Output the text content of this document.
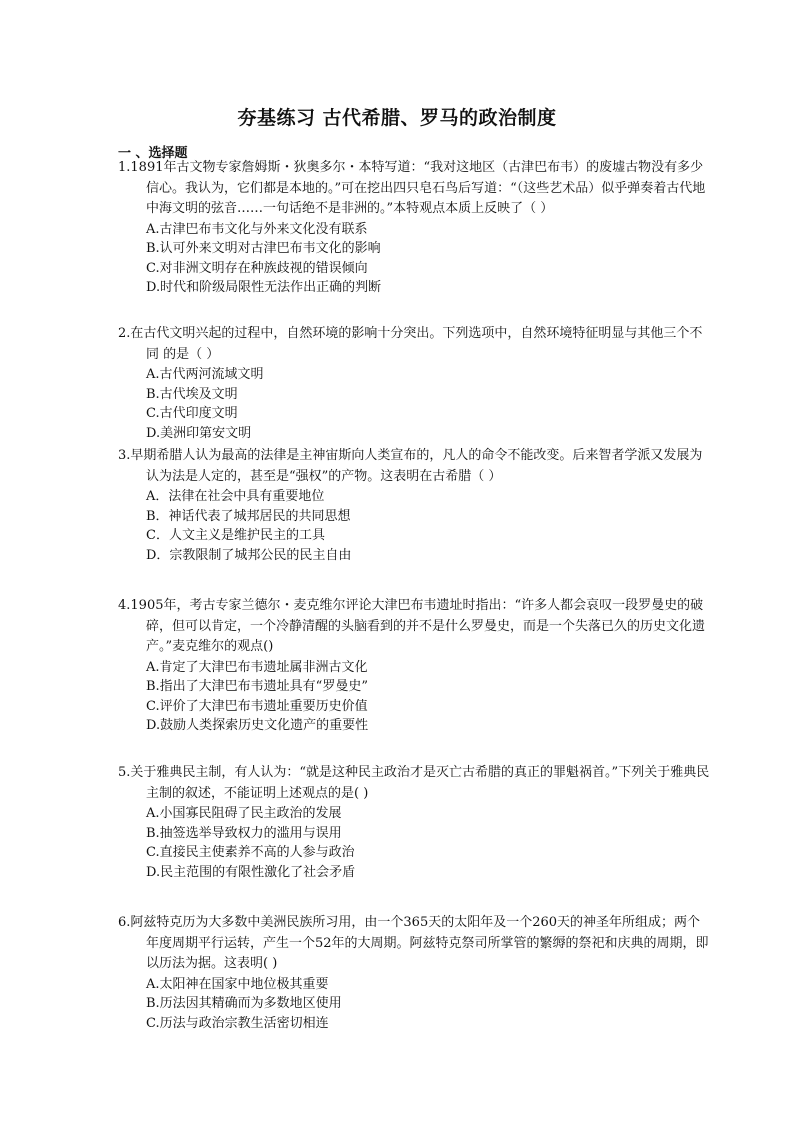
夯基练习 古代希腊、罗马的政治制度
一 、选择题
1.1891年古文物专家詹姆斯・狄奥多尔・本特写道：“我对这地区（古津巴布韦）的废墟古物没有多少信心。我认为，它们都是本地的。”可在挖出四只皂石鸟后写道：“（这些艺术品）似乎弹奏着古代地中海文明的弦音……一句话绝不是非洲的。”本特观点本质上反映了（ ）
A.古津巴布韦文化与外来文化没有联系
B.认可外来文明对古津巴布韦文化的影响
C.对非洲文明存在种族歧视的错误倾向
D.时代和阶级局限性无法作出正确的判断
2.在古代文明兴起的过程中，自然环境的影响十分突出。下列选项中，自然环境特征明显与其他三个不同 的是（ ）
A.古代两河流域文明
B.古代埃及文明
C.古代印度文明
D.美洲印第安文明
3.早期希腊人认为最高的法律是主神宙斯向人类宣布的，凡人的命令不能改变。后来智者学派又发展为认为法是人定的，甚至是“强权”的产物。这表明在古希腊（ ）
A．法律在社会中具有重要地位
B．神话代表了城邦居民的共同思想
C．人文主义是维护民主的工具
D．宗教限制了城邦公民的民主自由
4.1905年，考古专家兰德尔・麦克维尔评论大津巴布韦遗址时指出：“许多人都会哀叹一段罗曼史的破碎，但可以肯定，一个冷静清醒的头脑看到的并不是什么罗曼史，而是一个失落已久的历史文化遗产。”麦克维尔的观点()
A.肯定了大津巴布韦遗址属非洲古文化
B.指出了大津巴布韦遗址具有“罗曼史”
C.评价了大津巴布韦遗址重要历史价值
D.鼓励人类探索历史文化遗产的重要性
5.关于雅典民主制，有人认为：“就是这种民主政治才是灭亡古希腊的真正的罪魁祸首。”下列关于雅典民主制的叙述，不能证明上述观点的是( )
A.小国寡民阻碍了民主政治的发展
B.抽签选举导致权力的滥用与误用
C.直接民主使素养不高的人参与政治
D.民主范围的有限性激化了社会矛盾
6.阿兹特克历为大多数中美洲民族所习用，由一个365天的太阳年及一个260天的神圣年所组成；两个年度周期平行运转，产生一个52年的大周期。阿兹特克祭司所掌管的繁缛的祭祀和庆典的周期，即以历法为据。这表明( )
A.太阳神在国家中地位极其重要
B.历法因其精确而为多数地区使用
C.历法与政治宗教生活密切相连
